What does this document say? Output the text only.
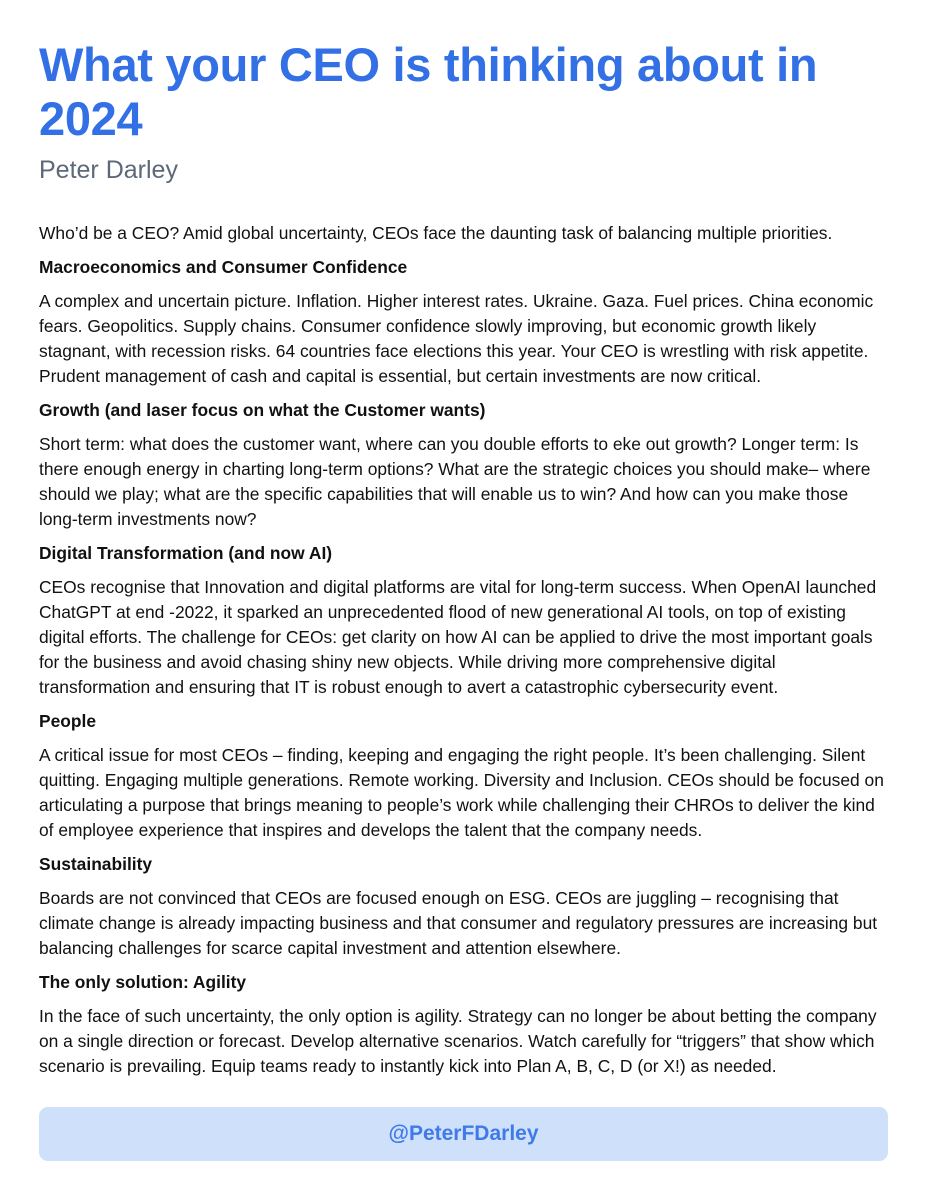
What your CEO is thinking about in 2024
Peter Darley

Who’d be a CEO? Amid global uncertainty, CEOs face the daunting task of balancing multiple priorities.

Macroeconomics and Consumer Confidence

A complex and uncertain picture. Inflation. Higher interest rates. Ukraine. Gaza. Fuel prices. China economic fears. Geopolitics. Supply chains. Consumer confidence slowly improving, but economic growth likely stagnant, with recession risks. 64 countries face elections this year. Your CEO is wrestling with risk appetite. Prudent management of cash and capital is essential, but certain investments are now critical.

Growth (and laser focus on what the Customer wants)

Short term: what does the customer want, where can you double efforts to eke out growth? Longer term: Is there enough energy in charting long-term options? What are the strategic choices you should make– where should we play; what are the specific capabilities that will enable us to win? And how can you make those long-term investments now?

Digital Transformation (and now AI)

CEOs recognise that Innovation and digital platforms are vital for long-term success. When OpenAI launched ChatGPT at end -2022, it sparked an unprecedented flood of new generational AI tools, on top of existing digital efforts. The challenge for CEOs: get clarity on how AI can be applied to drive the most important goals for the business and avoid chasing shiny new objects. While driving more comprehensive digital transformation and ensuring that IT is robust enough to avert a catastrophic cybersecurity event.

People

A critical issue for most CEOs – finding, keeping and engaging the right people. It’s been challenging. Silent quitting. Engaging multiple generations. Remote working. Diversity and Inclusion. CEOs should be focused on articulating a purpose that brings meaning to people’s work while challenging their CHROs to deliver the kind of employee experience that inspires and develops the talent that the company needs.

Sustainability

Boards are not convinced that CEOs are focused enough on ESG. CEOs are juggling – recognising that climate change is already impacting business and that consumer and regulatory pressures are increasing but balancing challenges for scarce capital investment and attention elsewhere.

The only solution: Agility

In the face of such uncertainty, the only option is agility. Strategy can no longer be about betting the company on a single direction or forecast. Develop alternative scenarios. Watch carefully for “triggers” that show which scenario is prevailing. Equip teams ready to instantly kick into Plan A, B, C, D (or X!) as needed.

@PeterFDarley
